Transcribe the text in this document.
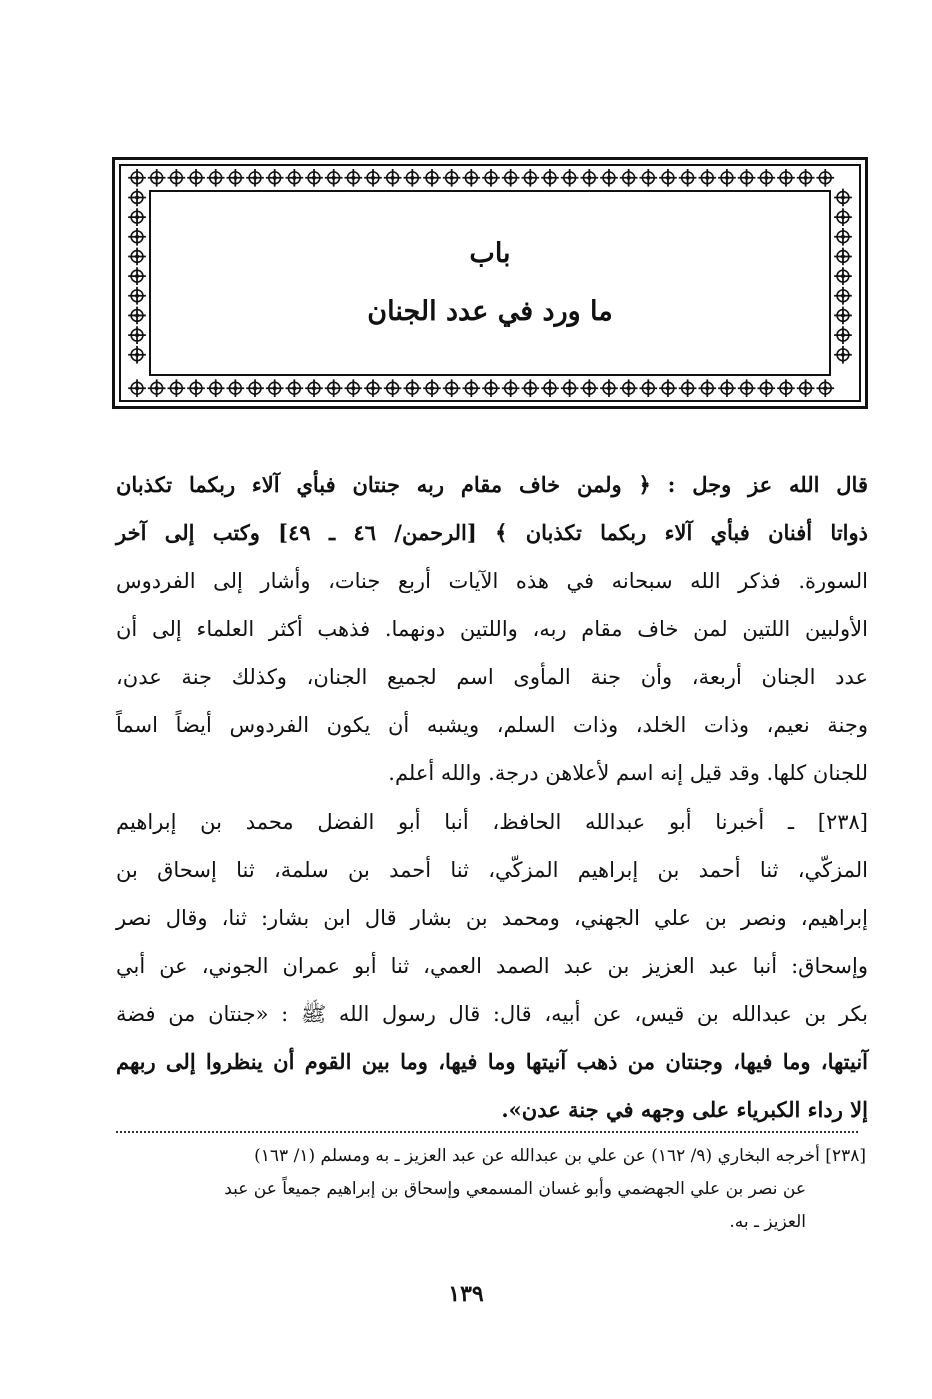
باب
ما ورد في عدد الجنان
قال الله عز وجل : ﴿ ولمن خاف مقام ربه جنتان فبأي آلاء ربكما تكذبان
ذواتا أفنان فبأي آلاء ربكما تكذبان ﴾ [الرحمن/ ٤٦ ـ ٤٩] وكتب إلى آخر
السورة. فذكر الله سبحانه في هذه الآيات أربع جنات، وأشار إلى الفردوس
الأولبين اللتين لمن خاف مقام ربه، واللتين دونهما. فذهب أكثر العلماء إلى أن
عدد الجنان أربعة، وأن جنة المأوى اسم لجميع الجنان، وكذلك جنة عدن،
وجنة نعيم، وذات الخلد، وذات السلم، ويشبه أن يكون الفردوس أيضاً اسماً
للجنان كلها. وقد قيل إنه اسم لأعلاهن درجة. والله أعلم.
[٢٣٨] ـ أخبرنا أبو عبدالله الحافظ، أنبا أبو الفضل محمد بن إبراهيم
المزكّي، ثنا أحمد بن إبراهيم المزكّي، ثنا أحمد بن سلمة، ثنا إسحاق بن
إبراهيم، ونصر بن علي الجهني، ومحمد بن بشار قال ابن بشار: ثنا، وقال نصر
وإسحاق: أنبا عبد العزيز بن عبد الصمد العمي، ثنا أبو عمران الجوني، عن أبي
بكر بن عبدالله بن قيس، عن أبيه، قال: قال رسول الله ﷺ : «جنتان من فضة
آنيتها، وما فيها، وجنتان من ذهب آنيتها وما فيها، وما بين القوم أن ينظروا إلى ربهم
إلا رداء الكبرياء على وجهه في جنة عدن».
[٢٣٨] أخرجه البخاري (٩/ ١٦٢) عن علي بن عبدالله عن عبد العزيز ـ به ومسلم (١/ ١٦٣)
عن نصر بن علي الجهضمي وأبو غسان المسمعي وإسحاق بن إبراهيم جميعاً عن عبد
العزيز ـ به.
١٣٩
